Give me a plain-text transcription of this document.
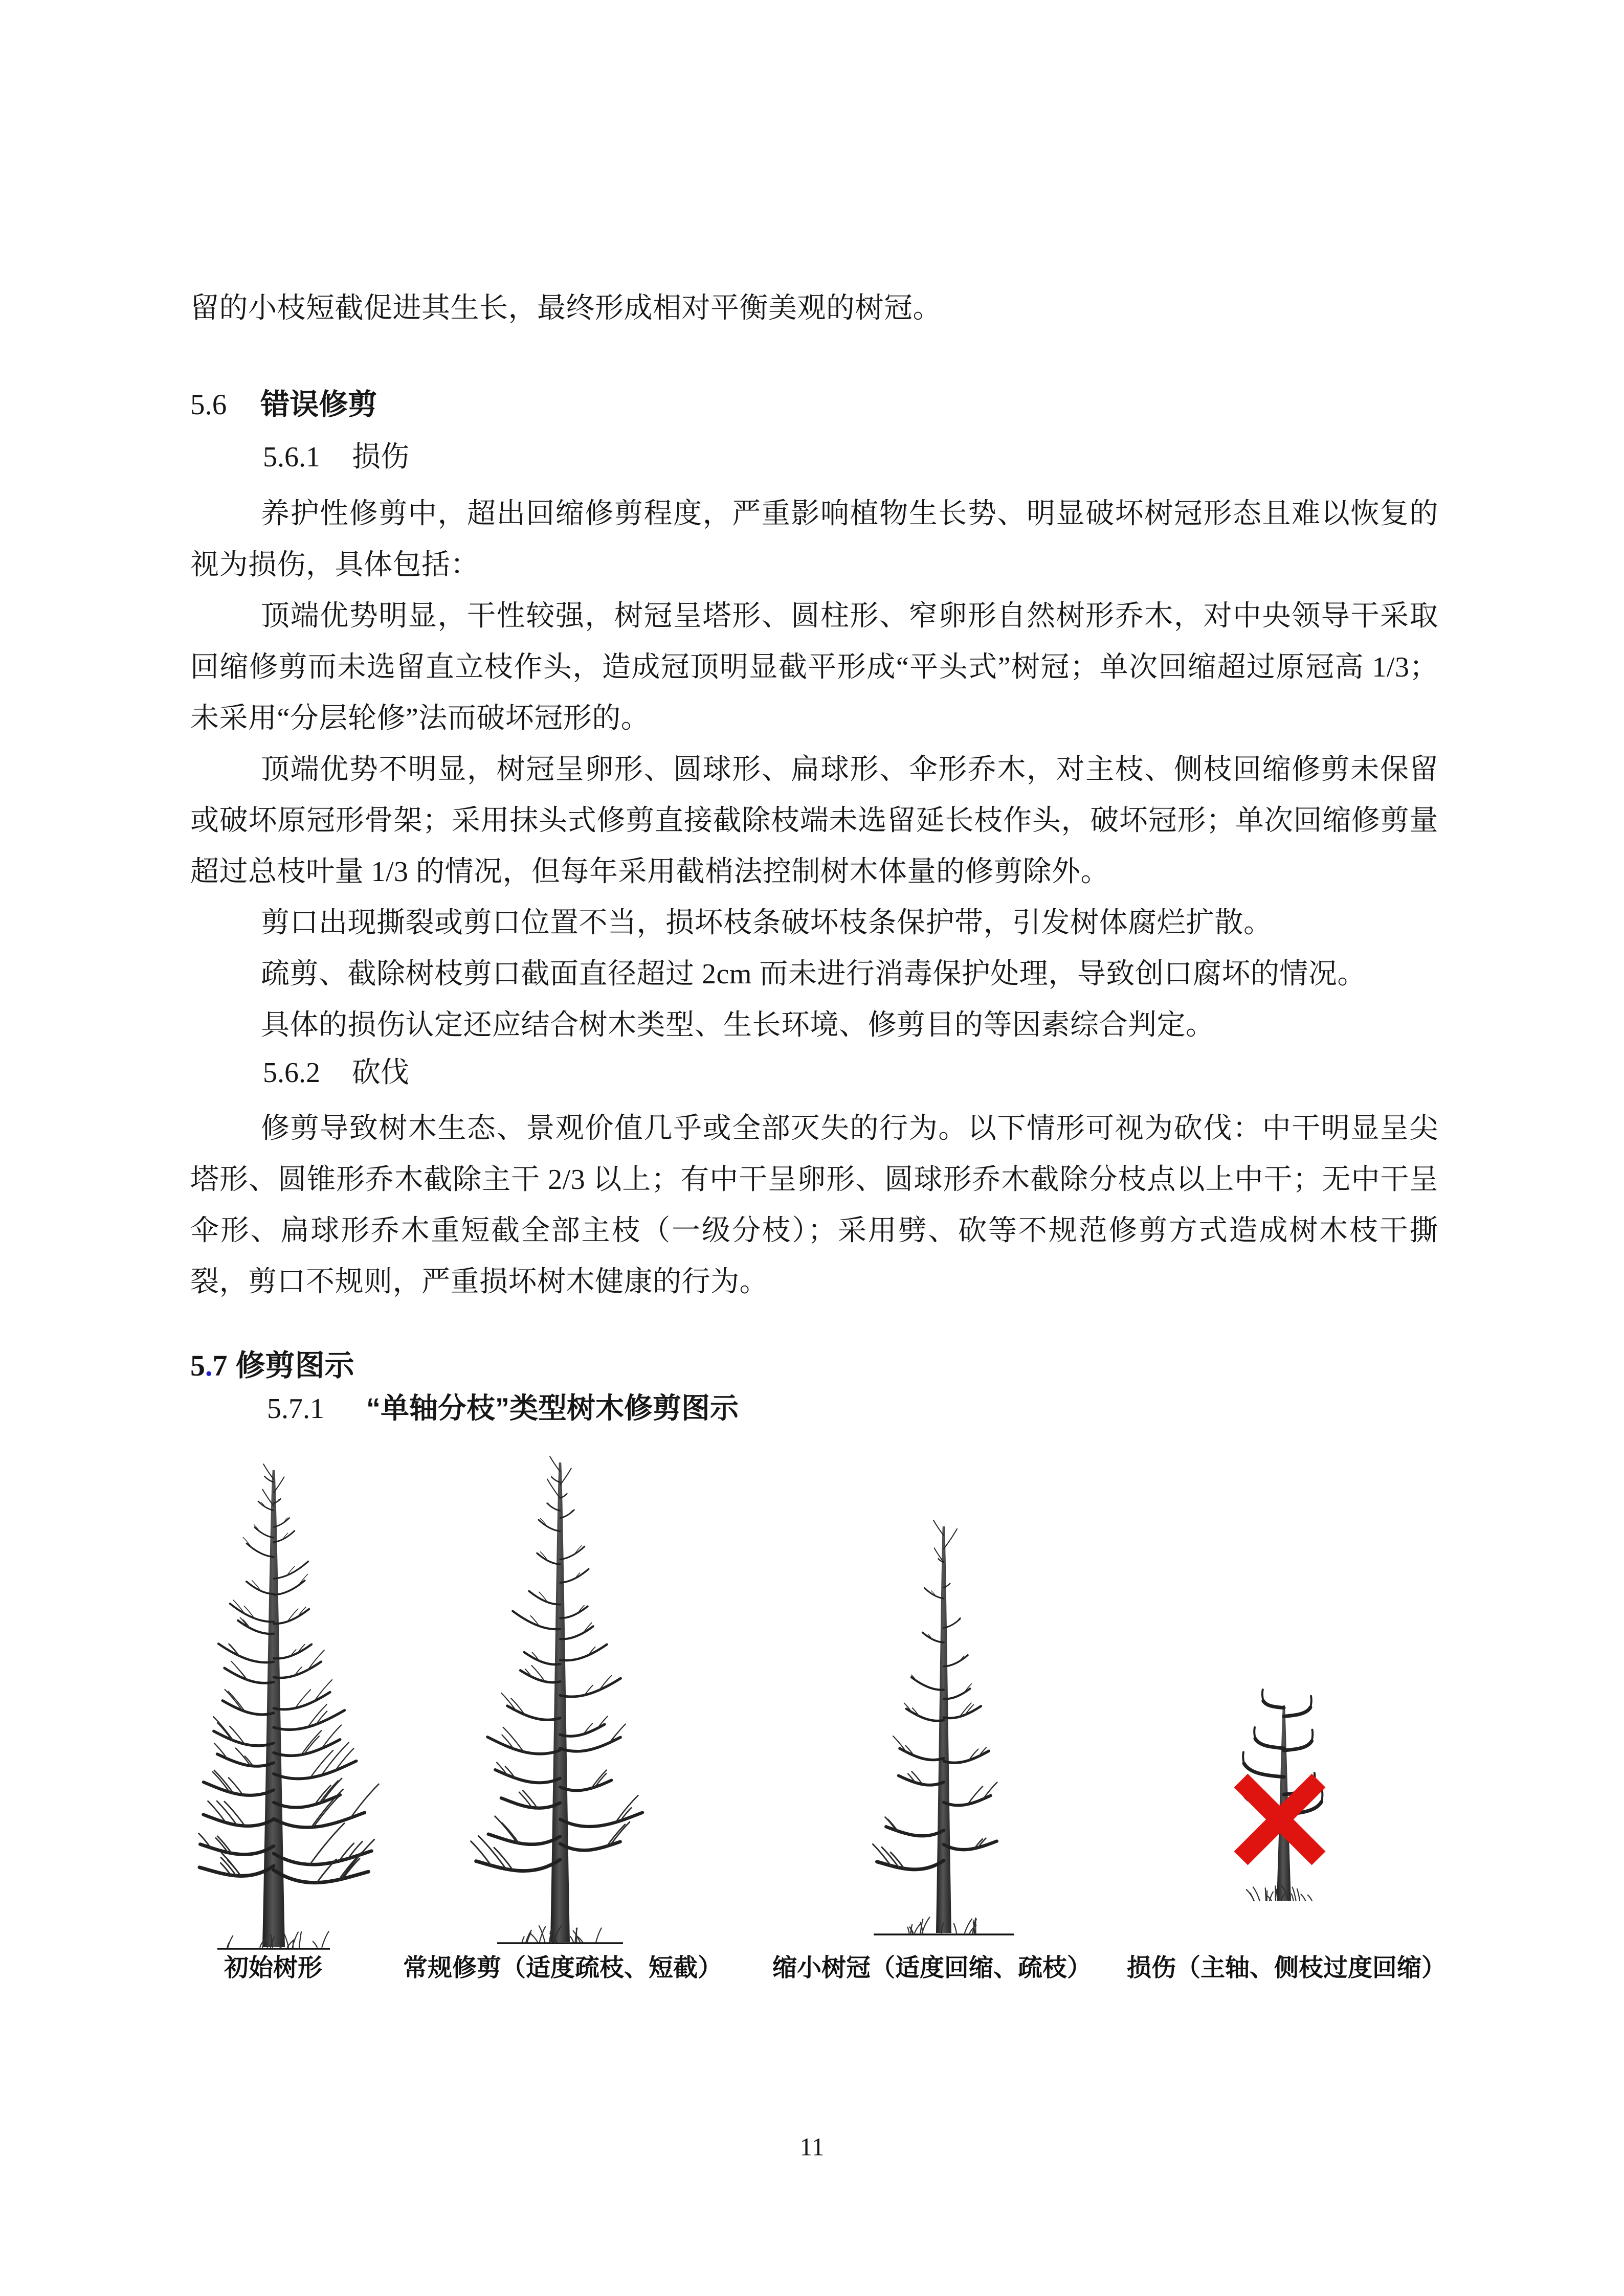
留的小枝短截促进其生长，最终形成相对平衡美观的树冠。

5.6 错误修剪
5.6.1 损伤

养护性修剪中，超出回缩修剪程度，严重影响植物生长势、明显破坏树冠形态且难以恢复的视为损伤，具体包括：

顶端优势明显，干性较强，树冠呈塔形、圆柱形、窄卵形自然树形乔木，对中央领导干采取回缩修剪而未选留直立枝作头，造成冠顶明显截平形成“平头式”树冠；单次回缩超过原冠高 1/3；未采用“分层轮修”法而破坏冠形的。

顶端优势不明显，树冠呈卵形、圆球形、扁球形、伞形乔木，对主枝、侧枝回缩修剪未保留或破坏原冠形骨架；采用抹头式修剪直接截除枝端未选留延长枝作头，破坏冠形；单次回缩修剪量超过总枝叶量 1/3 的情况，但每年采用截梢法控制树木体量的修剪除外。

剪口出现撕裂或剪口位置不当，损坏枝条破坏枝条保护带，引发树体腐烂扩散。

疏剪、截除树枝剪口截面直径超过 2cm 而未进行消毒保护处理，导致创口腐坏的情况。

具体的损伤认定还应结合树木类型、生长环境、修剪目的等因素综合判定。

5.6.2 砍伐

修剪导致树木生态、景观价值几乎或全部灭失的行为。以下情形可视为砍伐：中干明显呈尖塔形、圆锥形乔木截除主干 2/3 以上；有中干呈卵形、圆球形乔木截除分枝点以上中干；无中干呈伞形、扁球形乔木重短截全部主枝（一级分枝）；采用劈、砍等不规范修剪方式造成树木枝干撕裂，剪口不规则，严重损坏树木健康的行为。

5.7 修剪图示
5.7.1 “单轴分枝”类型树木修剪图示
初始树形	常规修剪（适度疏枝、短截） 缩小树冠（适度回缩、疏枝） 损伤（主轴、侧枝过度回缩）
11
